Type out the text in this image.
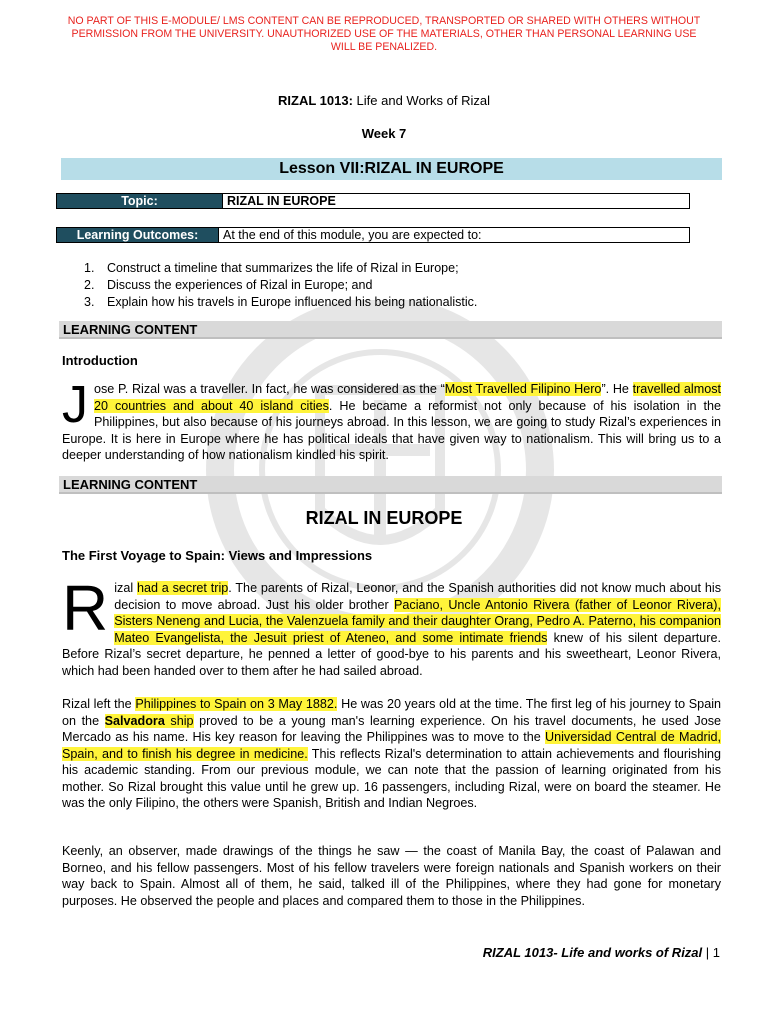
NO PART OF THIS E-MODULE/ LMS CONTENT CAN BE REPRODUCED, TRANSPORTED OR SHARED WITH OTHERS WITHOUT PERMISSION FROM THE UNIVERSITY. UNAUTHORIZED USE OF THE MATERIALS, OTHER THAN PERSONAL LEARNING USE WILL BE PENALIZED.
RIZAL 1013: Life and Works of Rizal
Week 7
Lesson VII:RIZAL IN EUROPE
Topic:	RIZAL IN EUROPE
Learning Outcomes:	At the end of this module, you are expected to:
1.	Construct a timeline that summarizes the life of Rizal in Europe;
2.	Discuss the experiences of Rizal in Europe; and
3.	Explain how his travels in Europe influenced his being nationalistic.
LEARNING CONTENT
Introduction

Jose P. Rizal was a traveller. In fact, he was considered as the “Most Travelled Filipino Hero”. He travelled almost 20 countries and about 40 island cities. He became a reformist not only because of his isolation in the Philippines, but also because of his journeys abroad. In this lesson, we are going to study Rizal’s experiences in Europe. It is here in Europe where he has political ideals that have given way to nationalism. This will bring us to a deeper understanding of how nationalism kindled his spirit.

LEARNING CONTENT
RIZAL IN EUROPE
The First Voyage to Spain: Views and Impressions

Rizal had a secret trip. The parents of Rizal, Leonor, and the Spanish authorities did not know much about his decision to move abroad. Just his older brother Paciano, Uncle Antonio Rivera (father of Leonor Rivera), Sisters Neneng and Lucia, the Valenzuela family and their daughter Orang, Pedro A. Paterno, his companion Mateo Evangelista, the Jesuit priest of Ateneo, and some intimate friends knew of his silent departure. Before Rizal’s secret departure, he penned a letter of good-bye to his parents and his sweetheart, Leonor Rivera, which had been handed over to them after he had sailed abroad.

Rizal left the Philippines to Spain on 3 May 1882. He was 20 years old at the time. The first leg of his journey to Spain on the Salvadora ship proved to be a young man's learning experience. On his travel documents, he used Jose Mercado as his name. His key reason for leaving the Philippines was to move to the Universidad Central de Madrid, Spain, and to finish his degree in medicine. This reflects Rizal's determination to attain achievements and flourishing his academic standing. From our previous module, we can note that the passion of learning originated from his mother. So Rizal brought this value until he grew up. 16 passengers, including Rizal, were on board the steamer. He was the only Filipino, the others were Spanish, British and Indian Negroes.

Keenly, an observer, made drawings of the things he saw — the coast of Manila Bay, the coast of Palawan and Borneo, and his fellow passengers. Most of his fellow travelers were foreign nationals and Spanish workers on their way back to Spain. Almost all of them, he said, talked ill of the Philippines, where they had gone for monetary purposes. He observed the people and places and compared them to those in the Philippines.

RIZAL 1013- Life and works of Rizal | 1
